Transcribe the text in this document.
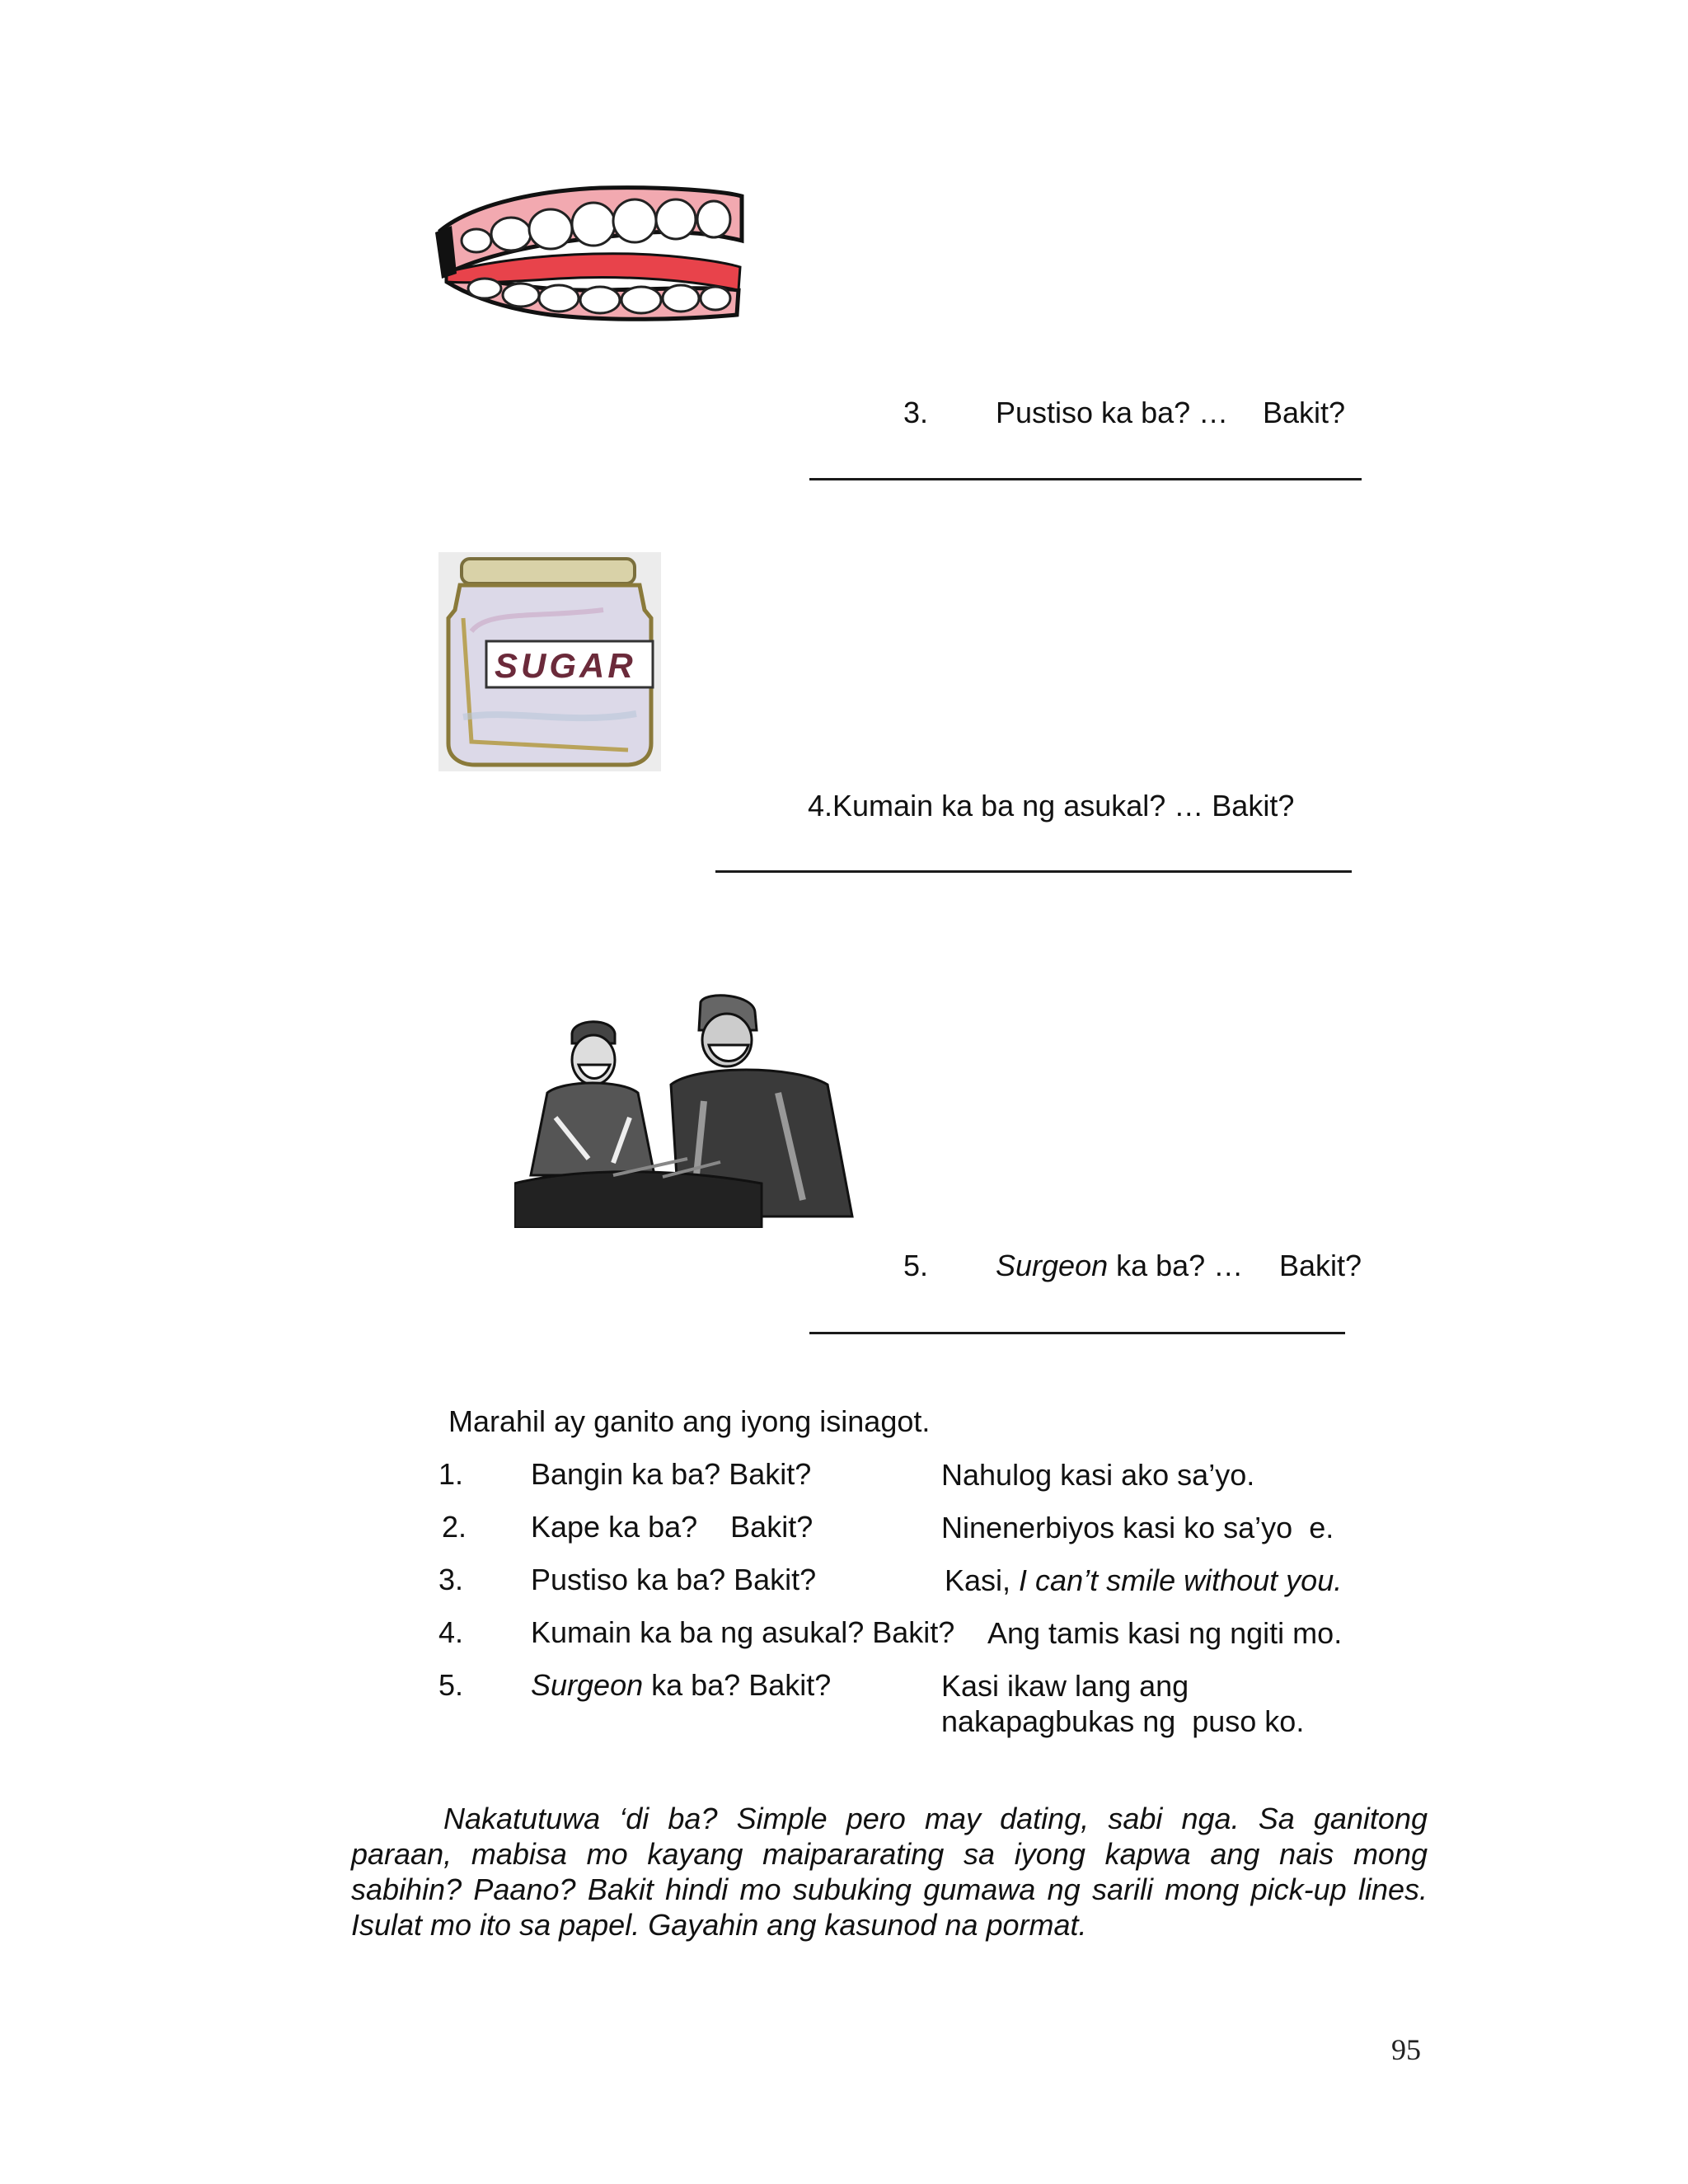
3. Pustiso ka ba? … Bakit?
SUGAR
4.Kumain ka ba ng asukal? … Bakit?
5. Surgeon ka ba? … Bakit?
Marahil ay ganito ang iyong isinagot.
1. Bangin ka ba? Bakit?	Nahulog kasi ako sa’yo.
2. Kape ka ba?    Bakit?	Ninenerbiyos kasi ko sa’yo  e.
3. Pustiso ka ba? Bakit?	Kasi, I can’t smile without you.
4. Kumain ka ba ng asukal? Bakit? Ang tamis kasi ng ngiti mo.
5. Surgeon ka ba? Bakit?	Kasi ikaw lang ang
nakapagbukas ng  puso ko.
Nakatutuwa ‘di ba? Simple pero may dating, sabi nga. Sa ganitong paraan, mabisa mo kayang maipararating sa iyong kapwa ang nais mong sabihin? Paano? Bakit hindi mo subuking gumawa ng sarili mong pick-up lines. Isulat mo ito sa papel. Gayahin ang kasunod na pormat.
95
